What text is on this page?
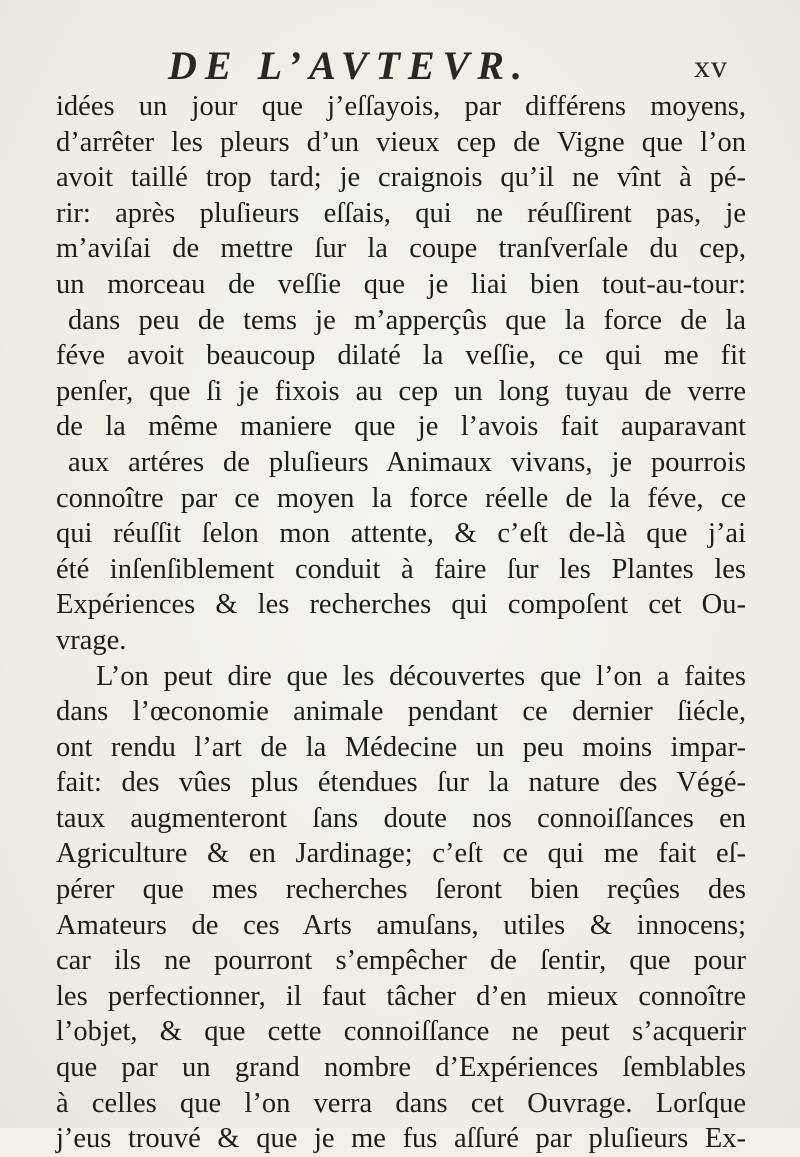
DE L’AVTEVR.	xv
idées un jour que j’eſſayois, par différens moyens,
d’arrêter les pleurs d’un vieux cep de Vigne que l’on
avoit taillé trop tard; je craignois qu’il ne vînt à pé-
rir: après pluſieurs eſſais, qui ne réuſſirent pas, je
m’aviſai de mettre ſur la coupe tranſverſale du cep,
un morceau de veſſie que je liai bien tout-au-tour:
dans peu de tems je m’apperçûs que la force de la
féve avoit beaucoup dilaté la veſſie, ce qui me fit
penſer, que ſi je fixois au cep un long tuyau de verre
de la même maniere que je l’avois fait auparavant
aux artéres de pluſieurs Animaux vivans, je pourrois
connoître par ce moyen la force réelle de la féve, ce
qui réuſſit ſelon mon attente, & c’eſt de-là que j’ai
été inſenſiblement conduit à faire ſur les Plantes les
Expériences & les recherches qui compoſent cet Ou-
vrage.
L’on peut dire que les découvertes que l’on a faites
dans l’œconomie animale pendant ce dernier ſiécle,
ont rendu l’art de la Médecine un peu moins impar-
fait: des vûes plus étendues ſur la nature des Végé-
taux augmenteront ſans doute nos connoiſſances en
Agriculture & en Jardinage; c’eſt ce qui me fait eſ-
pérer que mes recherches ſeront bien reçûes des
Amateurs de ces Arts amuſans, utiles & innocens;
car ils ne pourront s’empêcher de ſentir, que pour
les perfectionner, il faut tâcher d’en mieux connoître
l’objet, & que cette connoiſſance ne peut s’acquerir
que par un grand nombre d’Expériences ſemblables
à celles que l’on verra dans cet Ouvrage. Lorſque
j’eus trouvé & que je me fus aſſuré par pluſieurs Ex-
